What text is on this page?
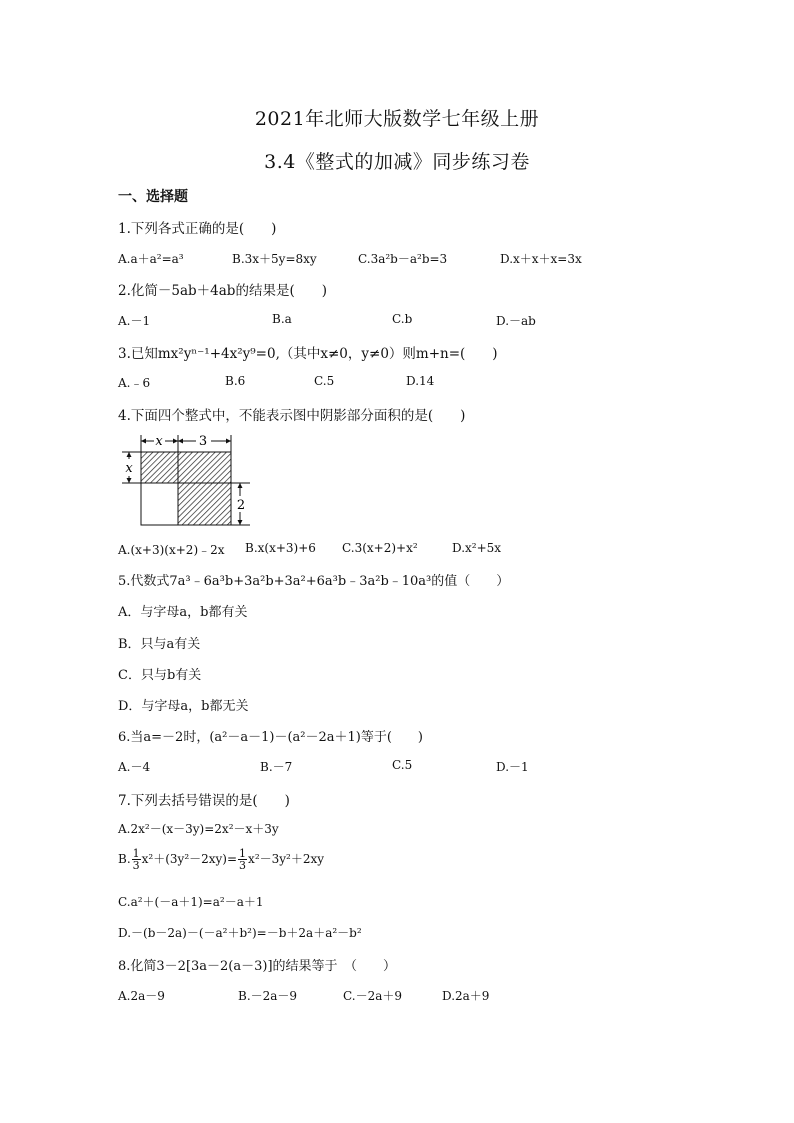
2021年北师大版数学七年级上册
3.4《整式的加减》同步练习卷
一、选择题
1.下列各式正确的是(　　)
A.a＋a²=a³	B.3x＋5y=8xy	C.3a²b－a²b=3	D.x＋x＋x=3x
2.化简－5ab＋4ab的结果是(　　)
A.－1	B.a	C.b	D.－ab
3.已知mx²yⁿ⁻¹+4x²y⁹=0,（其中x≠0，y≠0）则m+n=(　　)
A.﹣6	B.6	C.5	D.14
4.下面四个整式中，不能表示图中阴影部分面积的是(　　)
x	3
x
2
A.(x+3)(x+2)﹣2x B.x(x+3)+6 C.3(x+2)+x²	D.x²+5x
5.代数式7a³﹣6a³b+3a²b+3a²+6a³b﹣3a²b﹣10a³的值（　　）
A．与字母a，b都有关
B．只与a有关
C．只与b有关
D．与字母a，b都无关
6.当a=－2时，(a²－a－1)－(a²－2a＋1)等于(　　)
A.－4	B.－7	C.5	D.－1
7.下列去括号错误的是(　　)
A.2x²－(x－3y)=2x²－x＋3y
B. $\frac{1}{3} x^2+(3y^2-2xy)= \frac{1}{3} x^2-3y^2+2xy$
C.a²＋(－a＋1)=a²－a＋1
D.－(b－2a)－(－a²＋b²)=－b＋2a＋a²－b²
8.化简3－2[3a－2(a－3)]的结果等于　（　　）
A.2a－9	B.－2a－9	C.－2a＋9	D.2a＋9
